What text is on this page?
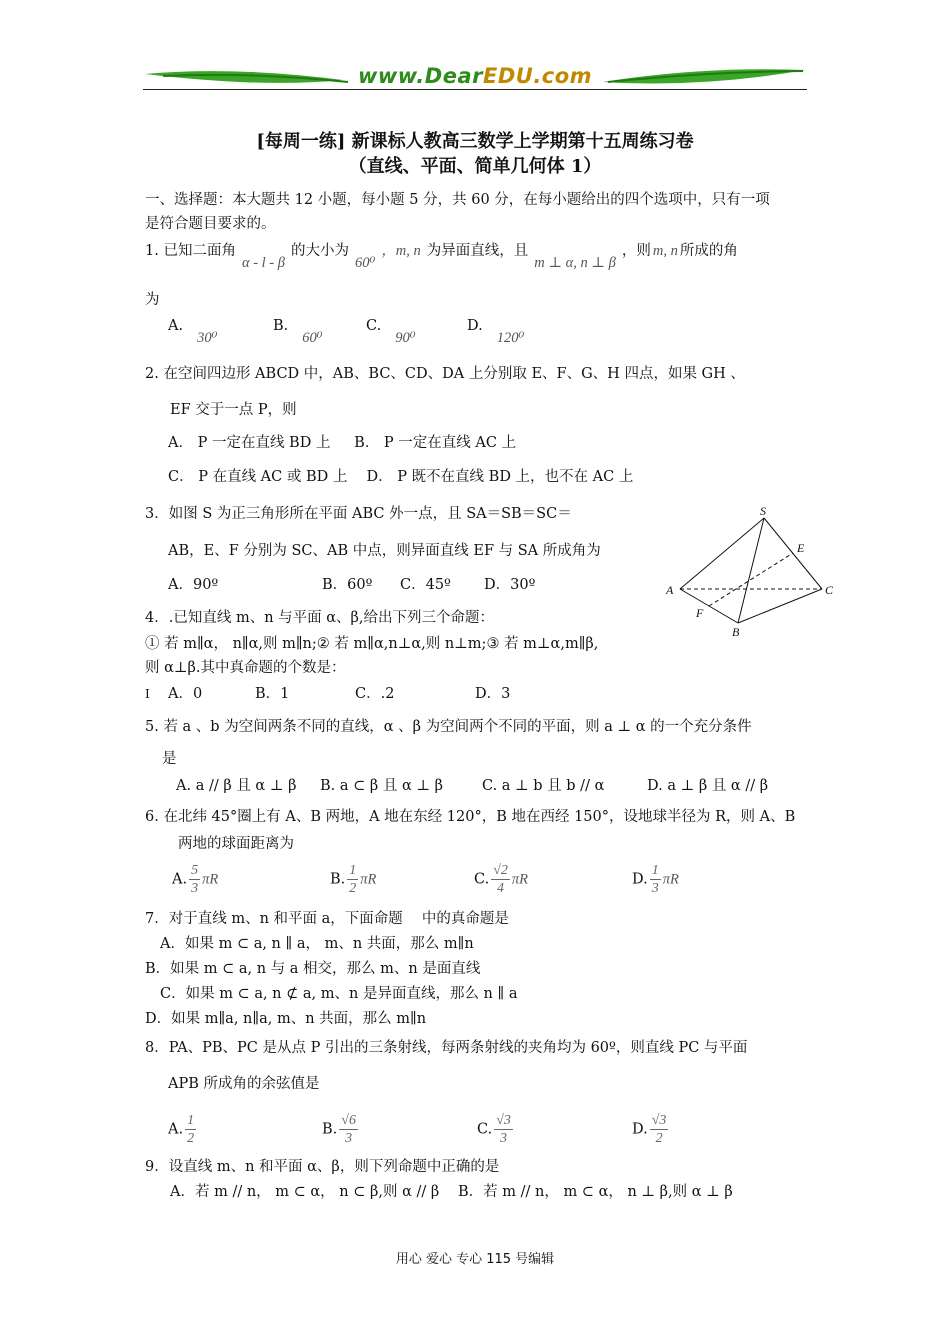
www.DearEDU.com
[每周一练] 新课标人教高三数学上学期第十五周练习卷
（直线、平面、简单几何体 1）
一、选择题：本大题共 12 小题，每小题 5 分，共 60 分，在每小题给出的四个选项中，只有一项
是符合题目要求的。
1. 已知二面角α - l - β的大小为60⁰，m, n 为异面直线，且m ⊥ α, n ⊥ β，则 m, n 所成的角
为
A.30⁰
B.60⁰
C.90⁰
D.120⁰
2. 在空间四边形 ABCD 中，AB、BC、CD、DA 上分别取 E、F、G、H 四点，如果 GH 、
EF 交于一点 P，则
A． P 一定在直线 BD 上 　 B． P 一定在直线 AC 上
C． P 在直线 AC 或 BD 上 　D． P 既不在直线 BD 上，也不在 AC 上
3．如图 S 为正三角形所在平面 ABC 外一点，且 SA＝SB＝SC＝
AB，E、F 分别为 SC、AB 中点，则异面直线 EF 与 SA 所成角为
A．90º	B．60º C．45º D．30º
S
E
A	C
F
B
4．.已知直线 m、n 与平面 α、β,给出下列三个命题：
① 若 m∥α， n∥α,则 m∥n;② 若 m∥α,n⊥α,则 n⊥m;③ 若 m⊥α,m∥β,
则 α⊥β.其中真命题的个数是：
I A．0	B．1	C．.2	D．3
5. 若 a 、b 为空间两条不同的直线，α 、β 为空间两个不同的平面，则 a ⊥ α 的一个充分条件
是
A. a // β 且 α ⊥ β B. a ⊂ β 且 α ⊥ β	C. a ⊥ b 且 b // α	D. a ⊥ β 且 α // β
6. 在北纬 45°圈上有 A、B 两地，A 地在东经 120°，B 地在西经 150°，设地球半径为 R，则 A、B
两地的球面距离为
A. $\frac{5}{3}$ πR	B. $\frac{1}{2}$ πR	C. $\frac{√2}{4}$ πR	D. $\frac{1}{3}$ πR
7．对于直线 m、n 和平面 a，下面命题 　中的真命题是
A．如果 m ⊂ a, n ∥ a， m、n 共面，那么 m∥n
B．如果 m ⊂ a, n 与 a 相交，那么 m、n 是面直线
C．如果 m ⊂ a, n ⊄ a, m、n 是异面直线，那么 n ∥ a
D．如果 m∥a, n∥a, m、n 共面，那么 m∥n
8．PA、PB、PC 是从点 P 引出的三条射线，每两条射线的夹角均为 60º，则直线 PC 与平面
APB 所成角的余弦值是
A. $\frac{1}{2}$	B. $\frac{√6}{3}$	C. $\frac{√3}{3}$	D. $\frac{√3}{2}$
9．设直线 m、n 和平面 α、β，则下列命题中正确的是
A．若 m // n， m ⊂ α， n ⊂ β,则 α // β B．若 m // n， m ⊂ α， n ⊥ β,则 α ⊥ β
用心 爱心 专心 115 号编辑
